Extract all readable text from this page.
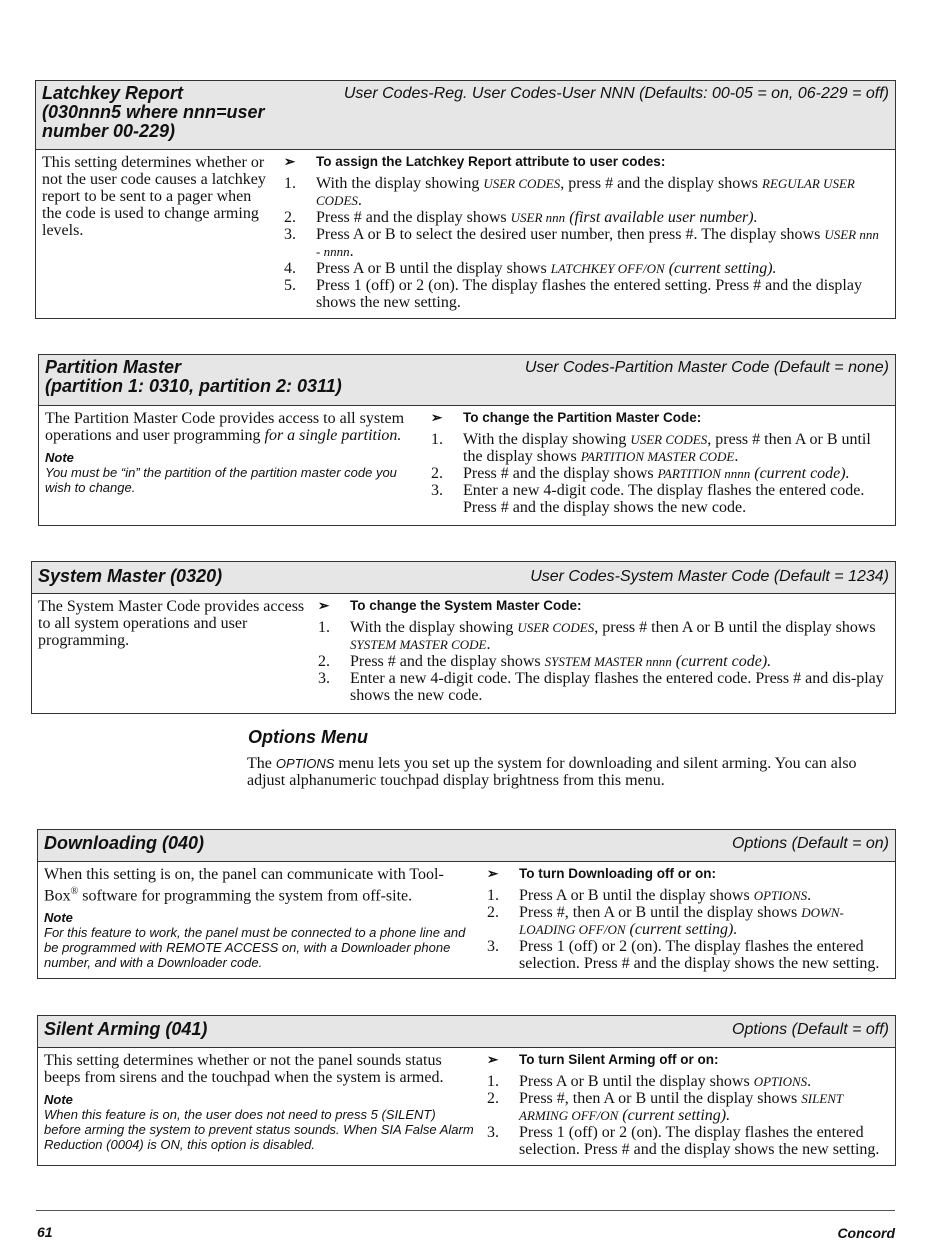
Latchkey Report
(030nnn5 where nnn=user
number 00-229)
User Codes-Reg. User Codes-User NNN (Defaults: 00-05 = on, 06-229 = off)
This setting determines whether or not the user code causes a latchkey report to be sent to a pager when the code is used to change arming levels.
➢	To assign the Latchkey Report attribute to user codes:
1.	With the display showing USER CODES, press # and the display shows REGULAR USER CODES.
2.	Press # and the display shows USER nnn (first available user number).
3.	Press A or B to select the desired user number, then press #. The display shows USER nnn - nnnn.
4.	Press A or B until the display shows LATCHKEY OFF/ON (current setting).
5.	Press 1 (off) or 2 (on). The display flashes the entered setting. Press # and the display shows the new setting.
Partition Master
(partition 1: 0310, partition 2: 0311)
User Codes-Partition Master Code (Default = none)
The Partition Master Code provides access to all system operations and user programming for a single partition.
Note
You must be “in” the partition of the partition master code you wish to change.
➢	To change the Partition Master Code:
1.	With the display showing USER CODES, press # then A or B until the display shows PARTITION MASTER CODE.
2.	Press # and the display shows PARTITION nnnn (current code).
3.	Enter a new 4-digit code. The display flashes the entered code. Press # and the display shows the new code.
System Master (0320)	User Codes-System Master Code (Default = 1234)
The System Master Code provides access to all system operations and user programming.
➢	To change the System Master Code:
1.	With the display showing USER CODES, press # then A or B until the display shows SYSTEM MASTER CODE.
2.	Press # and the display shows SYSTEM MASTER nnnn (current code).
3.	Enter a new 4-digit code. The display flashes the entered code. Press # and dis-play shows the new code.
Options Menu
The OPTIONS menu lets you set up the system for downloading and silent arming. You can also adjust alphanumeric touchpad display brightness from this menu.
Downloading (040)	Options (Default = on)
When this setting is on, the panel can communicate with Tool-Box® software for programming the system from off-site.
Note
For this feature to work, the panel must be connected to a phone line and be programmed with REMOTE ACCESS on, with a Downloader phone number, and with a Downloader code.
➢	To turn Downloading off or on:
1.	Press A or B until the display shows OPTIONS.
2.	Press #, then A or B until the display shows DOWN-LOADING OFF/ON (current setting).
3.	Press 1 (off) or 2 (on). The display flashes the entered selection. Press # and the display shows the new setting.
Silent Arming (041)	Options (Default = off)
This setting determines whether or not the panel sounds status beeps from sirens and the touchpad when the system is armed.
Note
When this feature is on, the user does not need to press 5 (SILENT) before arming the system to prevent status sounds. When SIA False Alarm Reduction (0004) is ON, this option is disabled.
➢	To turn Silent Arming off or on:
1.	Press A or B until the display shows OPTIONS.
2.	Press #, then A or B until the display shows SILENT ARMING OFF/ON (current setting).
3.	Press 1 (off) or 2 (on). The display flashes the entered selection. Press # and the display shows the new setting.
61	Concord
